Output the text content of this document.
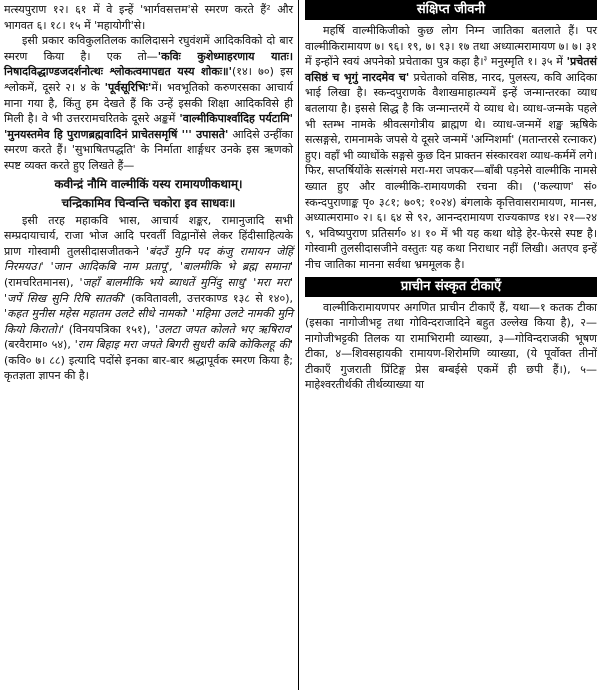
मत्स्यपुराण १२। ६१ में वे इन्हें 'भार्गवसत्तम'से स्मरण करते हैं² और भागवत ६। १८। १५ में 'महायोगी'से।

इसी प्रकार कविकुलतिलक कालिदासने रघुवंशमें आदिकविको दो बार स्मरण किया है। एक तो—'कविः कुशेध्माहरणाय यातः। निषादविद्धाण्डजदर्शनोत्थः श्लोकत्वमापद्यत यस्य शोकः॥'(१४। ७०) इस श्लोकमें, दूसरे २। ४ के 'पूर्वसूरिभिः'में। भवभूतिको करुणरसका आचार्य माना गया है, किंतु हम देखते हैं कि उन्हें इसकी शिक्षा आदिकविसे ही मिली है। वे भी उत्तररामचरितके दूसरे अङ्कमें 'वाल्मीकिपार्श्वादिह पर्यटामि' 'मुनयस्तमेव हि पुराणब्रह्मवादिनं प्राचेतसमृषिं ''' उपासते' आदिसे उन्हींका स्मरण करते हैं। 'सुभाषितपद्धति' के निर्माता शार्ङ्गधर उनके इस ऋणको स्पष्ट व्यक्त करते हुए लिखते हैं—

कवीन्द्रं नौमि वाल्मीकिं यस्य रामायणीकथाम्।

चन्द्रिकामिव चिन्वन्ति चकोरा इव साधवः॥

इसी तरह महाकवि भास, आचार्य शङ्कर, रामानुजादि सभी सम्प्रदायाचार्य, राजा भोज आदि परवर्ती विद्वानोंसे लेकर हिंदीसाहित्यके प्राण गोस्वामी तुलसीदासजीतकने 'बंदउँ मुनि पद कंजु रामायन जेहिं निरमयउ।' 'जान आदिकबि नाम प्रतापू', 'बालमीकि भे ब्रह्म समाना' (रामचरितमानस), 'जहाँ बालमीकि भये ब्याधतें मुनिंदु साधु' 'मरा मरा' 'जपें सिख सुनि रिषि सातकी' (कवितावली, उत्तरकाण्ड १३८ से १४०), 'कहत मुनीस महेस महातम उलटे सीधे नामको' 'महिमा उलटे नामकी मुनि कियो किरातो।' (विनयपत्रिका १५१), 'उलटा जपत कोलते भए ऋषिराव' (बरवैरामा० ५४), 'राम बिहाइ मरा जपते बिगरी सुधरी कबि कोकिलहू की' (कवि० ७। ८८) इत्यादि पदोंसे इनका बार-बार श्रद्धापूर्वक स्मरण किया है; कृतज्ञता ज्ञापन की है।

संक्षिप्त जीवनी

महर्षि वाल्मीकिजीको कुछ लोग निम्न जातिका बतलाते हैं। पर वाल्मीकिरामायण ७। ९६। १९, ७। ९३। १७ तथा अध्यात्मरामायण ७। ७। ३१ में इन्होंने स्वयं अपनेको प्रचेताका पुत्र कहा है।$^३$ मनुस्मृति १। ३५ में 'प्रचेतसं वसिष्ठं च भृगुं नारदमेव च' प्रचेताको वसिष्ठ, नारद, पुलस्त्य, कवि आदिका भाई लिखा है। स्कन्दपुराणके वैशाखमाहात्म्यमें इन्हें जन्मान्तरका व्याध बतलाया है। इससे सिद्ध है कि जन्मान्तरमें ये व्याध थे। व्याध-जन्मके पहले भी स्तम्भ नामके श्रीवत्सगोत्रीय ब्राह्मण थे। व्याध-जन्ममें शङ्ख ऋषिके सत्सङ्गसे, रामनामके जपसे ये दूसरे जन्ममें 'अग्निशर्मा' (मतान्तरसे रत्नाकर) हुए। वहाँ भी व्याधोंके सङ्गसे कुछ दिन प्राक्तन संस्कारवश व्याध-कर्ममें लगे। फिर, सप्तर्षियोंके सत्संगसे मरा-मरा जपकर—बाँबी पड़नेसे वाल्मीकि नामसे ख्यात हुए और वाल्मीकि-रामायणकी रचना की। ('कल्याण' सं० स्कन्दपुराणाङ्क पृ० ३८१; ७०९; १०२४) बंगलाके कृत्तिवासरामायण, मानस, अध्यात्मरामा० २। ६। ६४ से ९२, आनन्दरामायण राज्यकाण्ड १४। २१—२४ ९, भविष्यपुराण प्रतिसर्ग० ४। १० में भी यह कथा थोड़े हेर-फेरसे स्पष्ट है। गोस्वामी तुलसीदासजीने वस्तुतः यह कथा निराधार नहीं लिखी। अतएव इन्हें नीच जातिका मानना सर्वथा भ्रममूलक है।

प्राचीन संस्कृत टीकाएँ

वाल्मीकिरामायणपर अगणित प्राचीन टीकाएँ हैं, यथा—१ कतक टीका (इसका नागोजीभट्ट तथा गोविन्दराजादिने बहुत उल्लेख किया है), २—नागोजीभट्टकी तिलक या रामाभिरामी व्याख्या, ३—गोविन्दराजकी भूषण टीका, ४—शिवसहायकी रामायण-शिरोमणि व्याख्या, (ये पूर्वोक्त तीनों टीकाएँ गुजराती प्रिंटिङ्ग प्रेस बम्बईसे एकमें ही छपी हैं।), ५—माहेश्वरतीर्थकी तीर्थव्याख्या या
